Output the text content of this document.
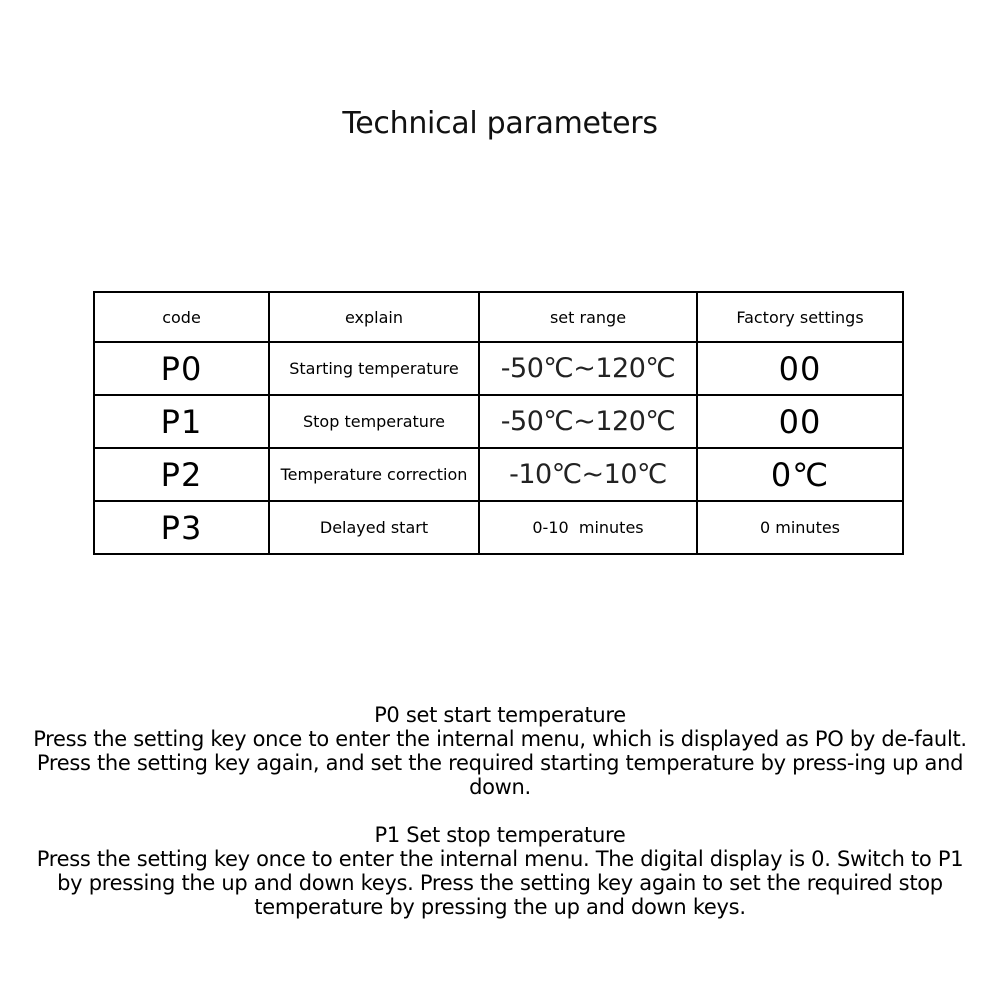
Technical parameters
code	explain	set range	Factory settings
P0	Starting temperature	-50℃~120℃	00
P1	Stop temperature	-50℃~120℃	00
P2	Temperature correction	-10℃~10℃	0℃
P3	Delayed start	0-10  minutes	0 minutes
P0 set start temperature
Press the setting key once to enter the internal menu, which is displayed as PO by de-fault. Press the setting key again, and set the required starting temperature by press-ing up and down.
P1 Set stop temperature
Press the setting key once to enter the internal menu. The digital display is 0. Switch to P1 by pressing the up and down keys. Press the setting key again to set the required stop temperature by pressing the up and down keys.
